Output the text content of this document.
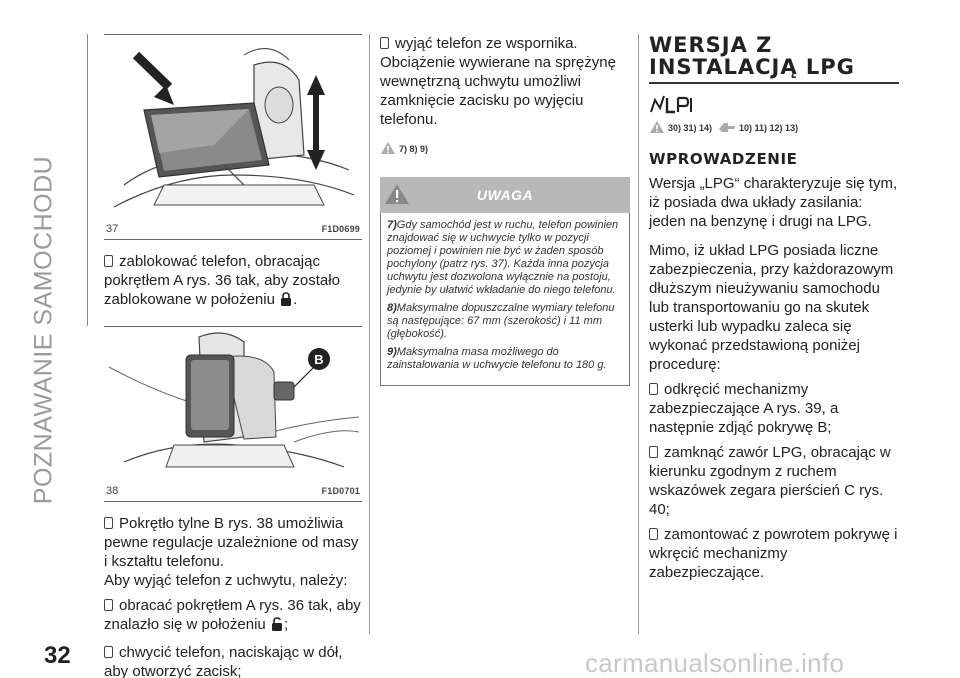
POZNAWANIE SAMOCHODU
32	carmanualsonline.info
37	F1D0699

zablokować telefon, obracając pokrętłem A rys. 36 tak, aby zostało zablokowane w położeniu .

B
38	F1D0701

Pokrętło tylne B rys. 38 umożliwia pewne regulacje uzależnione od masy i kształtu telefonu.

Aby wyjąć telefon z uchwytu, należy:

obracać pokrętłem A rys. 36 tak, aby znalazło się w położeniu ;

chwycić telefon, naciskając w dół, aby otworzyć zacisk;

wyjąć telefon ze wspornika.

Obciążenie wywierane na sprężynę wewnętrzną uchwytu umożliwi zamknięcie zacisku po wyjęciu telefonu.

7) 8) 9)
UWAGA

7)Gdy samochód jest w ruchu, telefon powinien znajdować się w uchwycie tylko w pozycji poziomej i powinien nie być w żaden sposób pochylony (patrz rys. 37). Każda inna pozycja uchwytu jest dozwolona wyłącznie na postoju, jedynie by ułatwić wkładanie do niego telefonu.

8)Maksymalne dopuszczalne wymiary telefonu są następujące: 67 mm (szerokość) i 11 mm (głębokość).

9)Maksymalna masa możliwego do zainstalowania w uchwycie telefonu to 180 g.

WERSJA Z
INSTALACJĄ LPG
30) 31) 14)	10) 11) 12) 13)
WPROWADZENIE

Wersja „LPG“ charakteryzuje się tym, iż posiada dwa układy zasilania: jeden na benzynę i drugi na LPG.

Mimo, iż układ LPG posiada liczne zabezpieczenia, przy każdorazowym dłuższym nieużywaniu samochodu lub transportowaniu go na skutek usterki lub wypadku zaleca się wykonać przedstawioną poniżej procedurę:

odkręcić mechanizmy zabezpieczające A rys. 39, a następnie zdjąć pokrywę B;

zamknąć zawór LPG, obracając w kierunku zgodnym z ruchem wskazówek zegara pierścień C rys. 40;

zamontować z powrotem pokrywę i wkręcić mechanizmy zabezpieczające.
